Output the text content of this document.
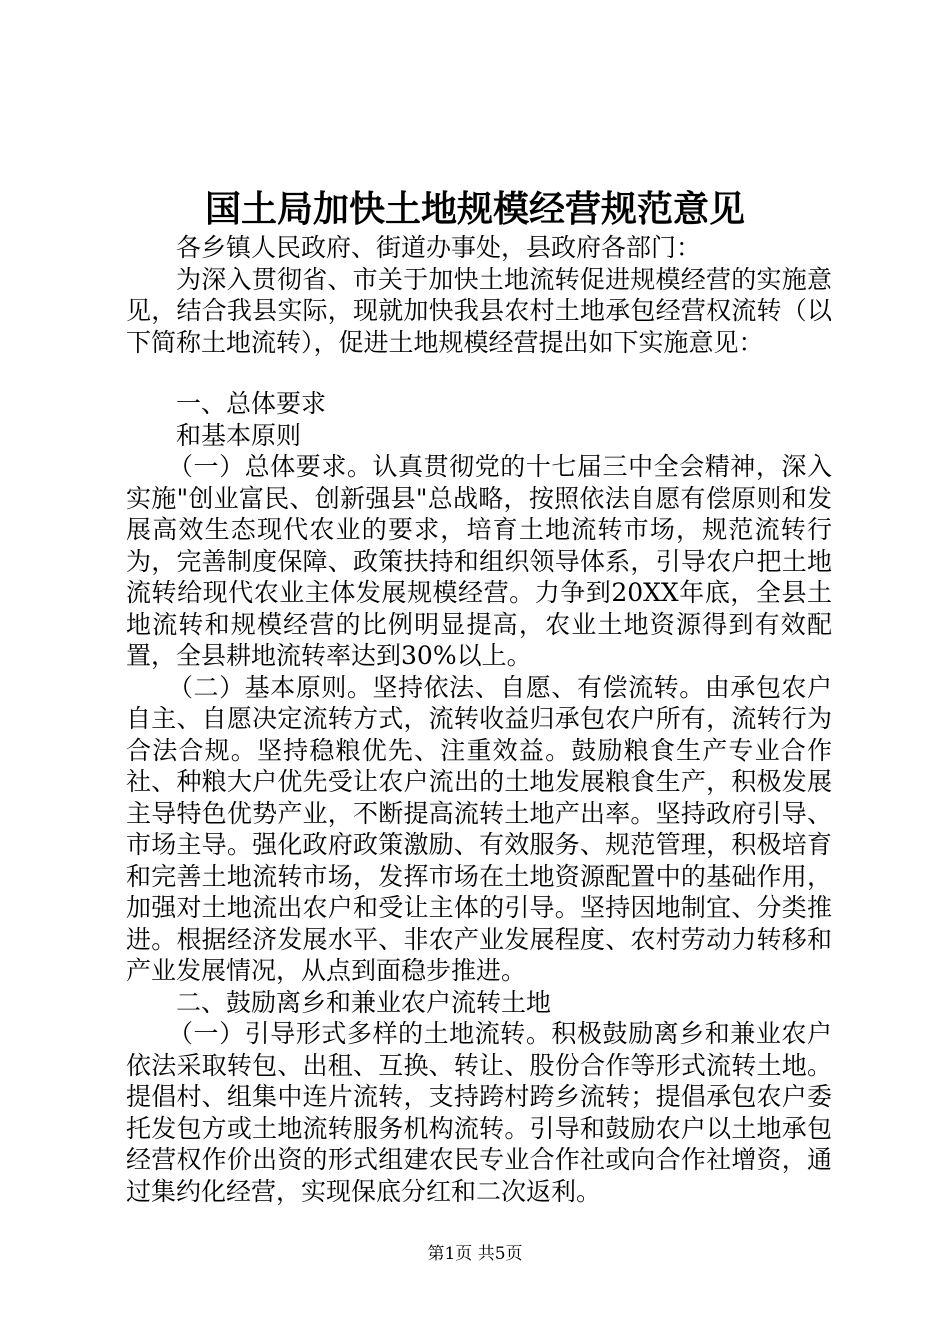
国土局加快土地规模经营规范意见

各乡镇人民政府、街道办事处，县政府各部门：

为深入贯彻省、市关于加快土地流转促进规模经营的实施意见，结合我县实际，现就加快我县农村土地承包经营权流转（以下简称土地流转），促进土地规模经营提出如下实施意见：

一、总体要求

和基本原则

（一）总体要求。认真贯彻党的十七届三中全会精神，深入实施"创业富民、创新强县"总战略，按照依法自愿有偿原则和发展高效生态现代农业的要求，培育土地流转市场，规范流转行为，完善制度保障、政策扶持和组织领导体系，引导农户把土地流转给现代农业主体发展规模经营。力争到20XX年底，全县土地流转和规模经营的比例明显提高，农业土地资源得到有效配置，全县耕地流转率达到30%以上。

（二）基本原则。坚持依法、自愿、有偿流转。由承包农户自主、自愿决定流转方式，流转收益归承包农户所有，流转行为合法合规。坚持稳粮优先、注重效益。鼓励粮食生产专业合作社、种粮大户优先受让农户流出的土地发展粮食生产，积极发展主导特色优势产业，不断提高流转土地产出率。坚持政府引导、市场主导。强化政府政策激励、有效服务、规范管理，积极培育和完善土地流转市场，发挥市场在土地资源配置中的基础作用，加强对土地流出农户和受让主体的引导。坚持因地制宜、分类推进。根据经济发展水平、非农产业发展程度、农村劳动力转移和产业发展情况，从点到面稳步推进。

二、鼓励离乡和兼业农户流转土地

（一）引导形式多样的土地流转。积极鼓励离乡和兼业农户依法采取转包、出租、互换、转让、股份合作等形式流转土地。提倡村、组集中连片流转，支持跨村跨乡流转；提倡承包农户委托发包方或土地流转服务机构流转。引导和鼓励农户以土地承包经营权作价出资的形式组建农民专业合作社或向合作社增资，通过集约化经营，实现保底分红和二次返利。

第1页 共5页
